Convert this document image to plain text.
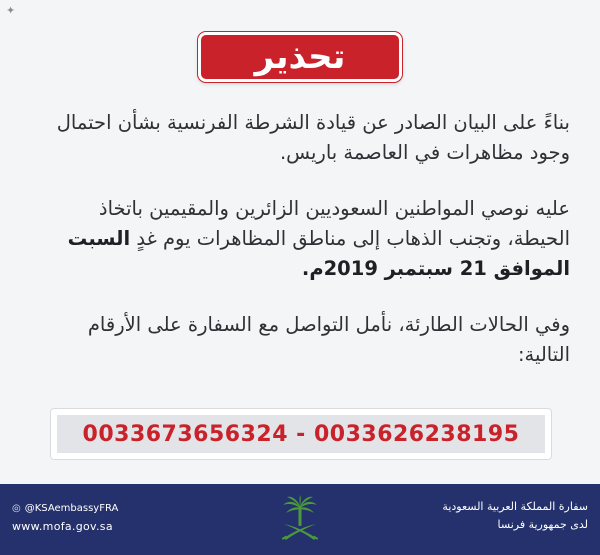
✦
تحذير

بناءً على البيان الصادر عن قيادة الشرطة الفرنسية بشأن احتمال وجود مظاهرات في العاصمة باريس.

عليه نوصي المواطنين السعوديين الزائرين والمقيمين باتخاذ الحيطة، وتجنب الذهاب إلى مناطق المظاهرات يوم غدٍ السبت الموافق 21 سبتمبر 2019م.

وفي الحالات الطارئة، نأمل التواصل مع السفارة على الأرقام التالية:

0033673656324 - 0033626238195
◎ @KSAembassyFRA
www.mofa.gov.sa
سفارة المملكة العربية السعودية
لدى جمهورية فرنسا
